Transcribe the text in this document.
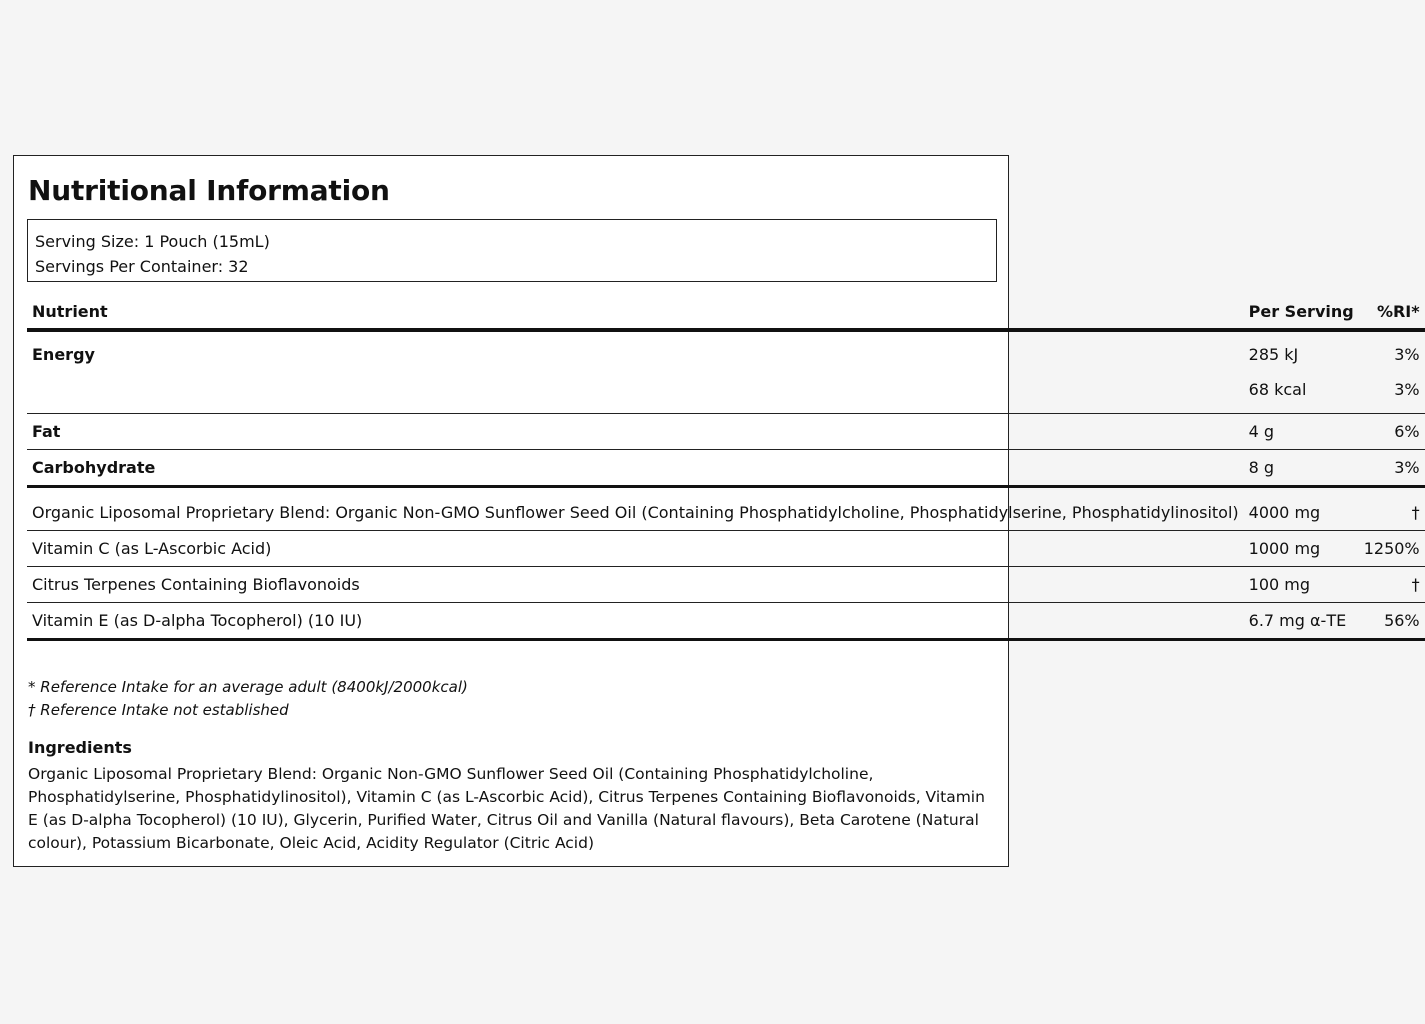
Nutritional Information
Serving Size: 1 Pouch (15mL)
Servings Per Container: 32
Nutrient	Per Serving	%RI*
Energy	285 kJ	3%
	68 kcal	3%
Fat	4 g	6%
Carbohydrate	8 g	3%
Organic Liposomal Proprietary Blend: Organic Non-GMO Sunflower Seed Oil (Containing Phosphatidylcholine, Phosphatidylserine, Phosphatidylinositol)	4000 mg	†
Vitamin C (as L-Ascorbic Acid)	1000 mg	1250%
Citrus Terpenes Containing Bioflavonoids	100 mg	†
Vitamin E (as D-alpha Tocopherol) (10 IU)	6.7 mg α-TE	56%
* Reference Intake for an average adult (8400kJ/2000kcal)
† Reference Intake not established
Ingredients
Organic Liposomal Proprietary Blend: Organic Non-GMO Sunflower Seed Oil (Containing Phosphatidylcholine, Phosphatidylserine, Phosphatidylinositol), Vitamin C (as L-Ascorbic Acid), Citrus Terpenes Containing Bioflavonoids, Vitamin E (as D-alpha Tocopherol) (10 IU), Glycerin, Purified Water, Citrus Oil and Vanilla (Natural flavours), Beta Carotene (Natural colour), Potassium Bicarbonate, Oleic Acid, Acidity Regulator (Citric Acid)
